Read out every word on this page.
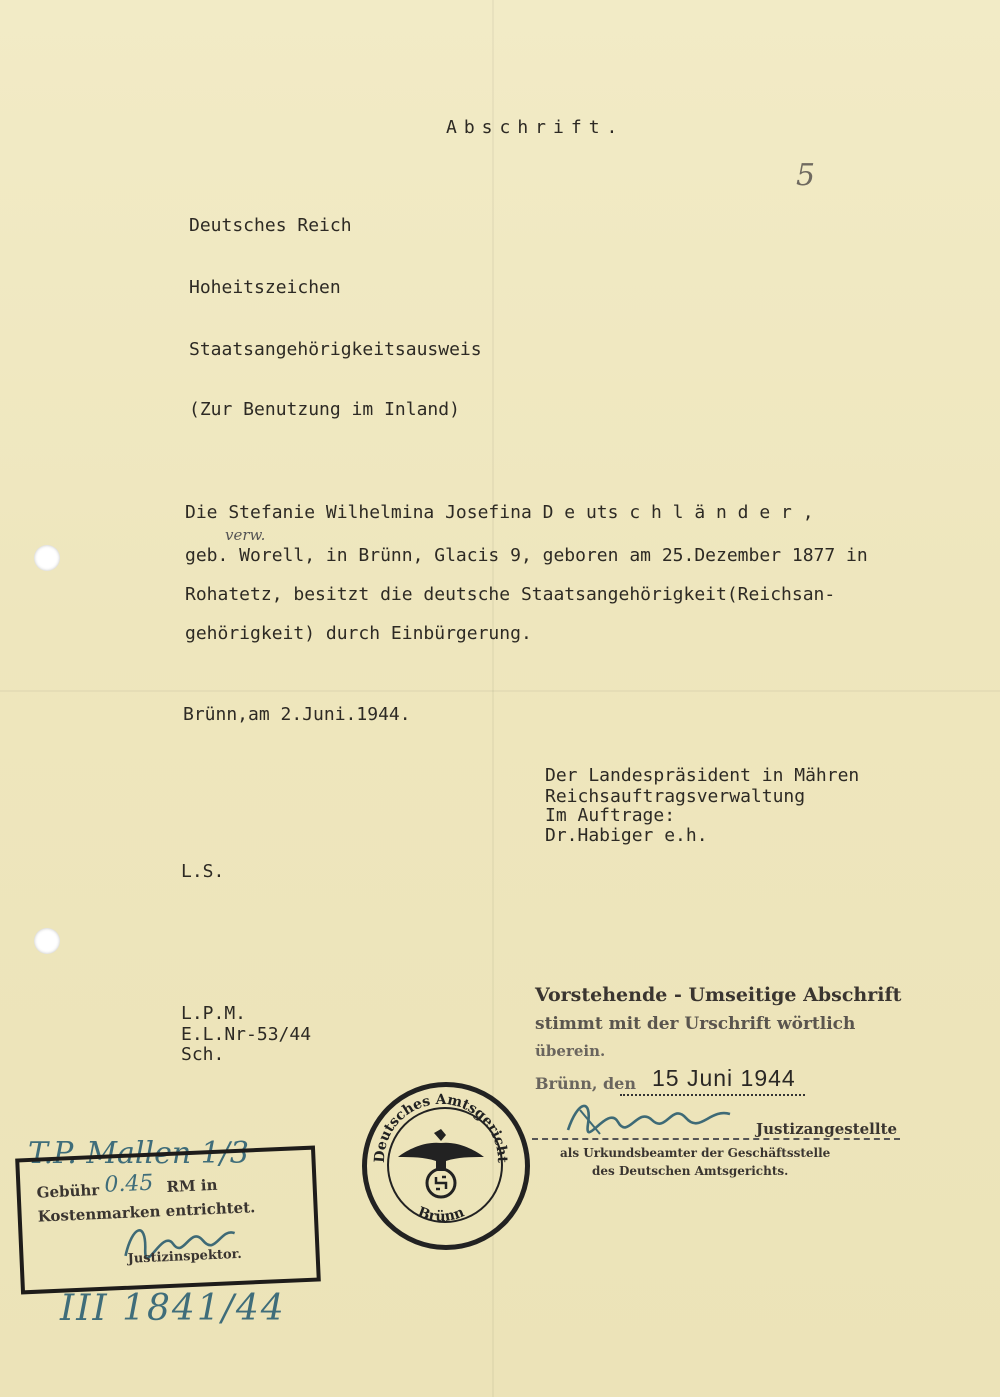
Abschrift.
5
Deutsches Reich
Hoheitszeichen
Staatsangehörigkeitsausweis
(Zur Benutzung im Inland)
Die Stefanie Wilhelmina Josefina D e uts c h l ä n d e r ,
verw.
geb. Worell, in Brünn, Glacis 9, geboren am 25.Dezember 1877 in
Rohatetz, besitzt die deutsche Staatsangehörigkeit(Reichsan-
gehörigkeit) durch Einbürgerung.
Brünn,am 2.Juni.1944.
Der Landespräsident in Mähren
Reichsauftragsverwaltung
Im Auftrage:
Dr.Habiger e.h.
L.S.
L.P.M.
E.L.Nr-53/44
Sch.
Vorstehende - Umseitige Abschrift
stimmt mit der Urschrift wörtlich
überein.
Brünn, den 15 Juni 1944
Justizangestellte
als Urkundsbeamter der Geschäftsstelle
des Deutschen Amtsgerichts.
Deutsches Amtsgericht
Brünn
T.P. Mallen 1/3
Gebühr 0.45 RM in
Kostenmarken entrichtet.
Justizinspektor.
III 1841/44
